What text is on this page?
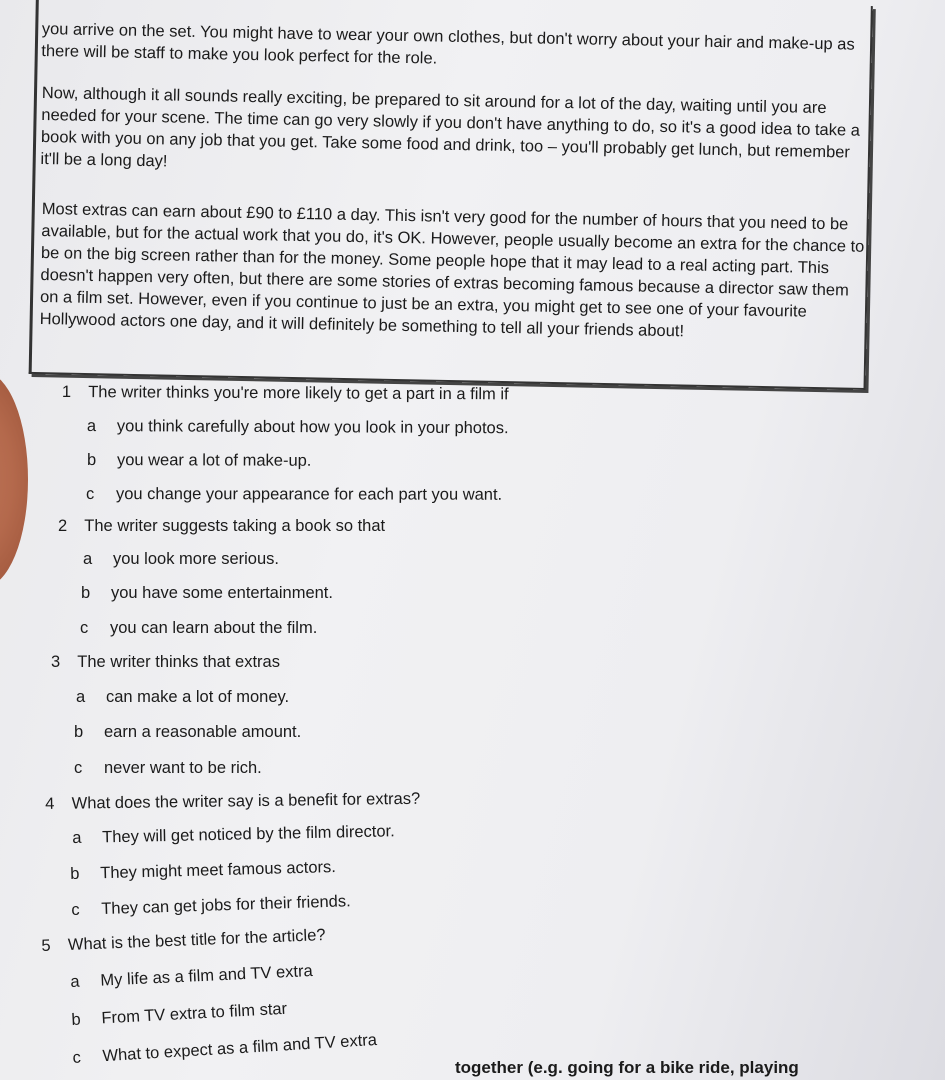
you arrive on the set. You might have to wear your own clothes, but don't worry about your hair and make-up as there will be staff to make you look perfect for the role.

Now, although it all sounds really exciting, be prepared to sit around for a lot of the day, waiting until you are needed for your scene. The time can go very slowly if you don't have anything to do, so it's a good idea to take a book with you on any job that you get. Take some food and drink, too – you'll probably get lunch, but remember it'll be a long day!

Most extras can earn about £90 to £110 a day. This isn't very good for the number of hours that you need to be available, but for the actual work that you do, it's OK. However, people usually become an extra for the chance to be on the big screen rather than for the money. Some people hope that it may lead to a real acting part. This doesn't happen very often, but there are some stories of extras becoming famous because a director saw them on a film set. However, even if you continue to just be an extra, you might get to see one of your favourite Hollywood actors one day, and it will definitely be something to tell all your friends about!

1 The writer thinks you're more likely to get a part in a film if
a you think carefully about how you look in your photos.
b you wear a lot of make-up.
c you change your appearance for each part you want.
2 The writer suggests taking a book so that
a you look more serious.
b you have some entertainment.
c you can learn about the film.
3 The writer thinks that extras
a can make a lot of money.
b earn a reasonable amount.
c never want to be rich.
4 What does the writer say is a benefit for extras?
a They will get noticed by the film director.
b They might meet famous actors.
c They can get jobs for their friends.
5 What is the best title for the article?
a My life as a film and TV extra
b From TV extra to film star
c What to expect as a film and TV extra
together (e.g. going for a bike ride, playing
